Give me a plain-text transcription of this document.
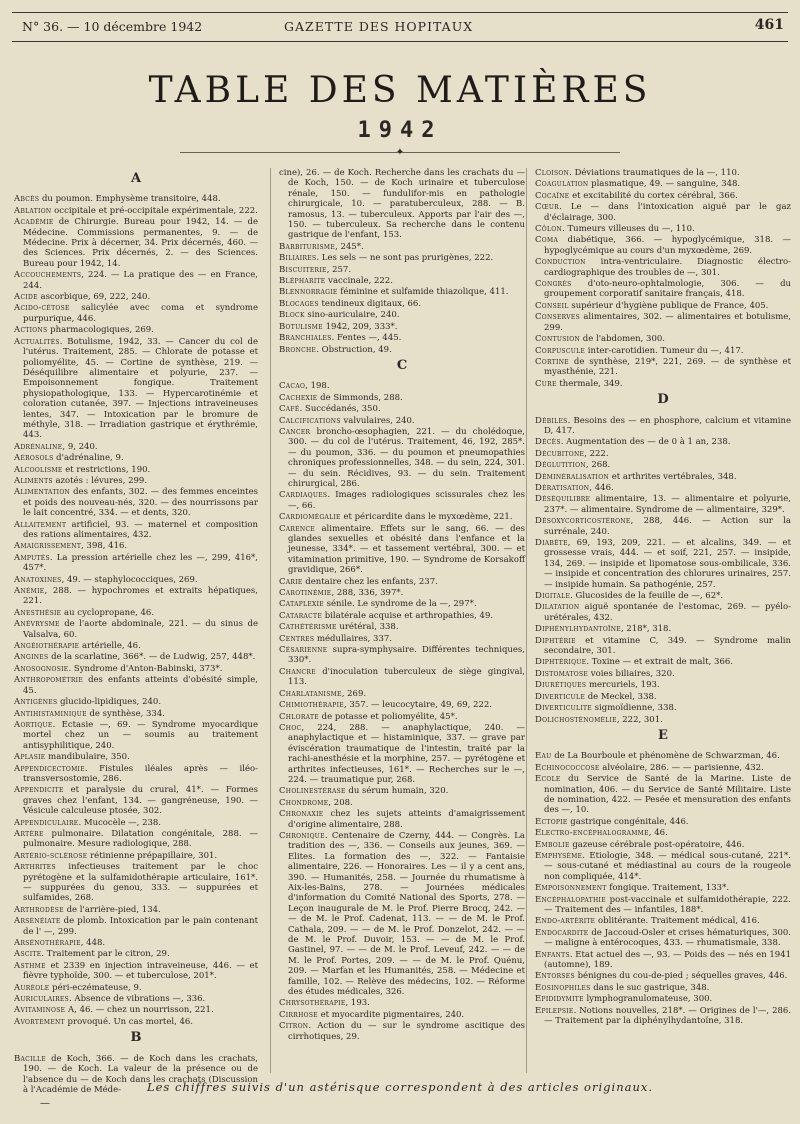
N° 36. — 10 décembre 1942	GAZETTE DES HOPITAUX	461
TABLE DES MATIÈRES
1942
✦
A
Abcès du poumon. Emphysème transitoire, 448.
Ablation occipitale et pré-occipitale expérimentale, 222.
Académie de Chirurgie. Bureau pour 1942, 14. — de Médecine. Commissions permanentes, 9. — de Médecine. Prix à décerner, 34. Prix décernés, 460. — des Sciences. Prix décernés, 2. — des Sciences. Bureau pour 1942, 14.
Accouchements, 224. — La pratique des — en France, 244.
Acide ascorbique, 69, 222, 240.
Acido-cétose salicylée avec coma et syndrome purpurique, 446.
Actions pharmacologiques, 269.
Actualités. Botulisme, 1942, 33. — Cancer du col de l'utérus. Traitement, 285. — Chlorate de potasse et poliomyélite, 45. — Cortine de synthèse, 219. — Déséquilibre alimentaire et polyurie, 237. — Empoisonnement fongique. Traitement physiopathologique, 133. — Hypercarotinémie et coloration cutanée, 397. — Injections intraveineuses lentes, 347. — Intoxication par le bromure de méthyle, 318. — Irradiation gastrique et érythrémie, 443.
Adrénaline, 9, 240.
Aérosols d'adrénaline, 9.
Alcoolisme et restrictions, 190.
Aliments azotés : lévures, 299.
Alimentation des enfants, 302. — des femmes enceintes et poids des nouveau-nés, 320. — des nourrissons par le lait concentré, 334. — et dents, 320.
Allaitement artificiel, 93. — maternel et composition des rations alimentaires, 432.
Amaigrissement, 398, 416.
Amputés. La pression artérielle chez les —, 299, 416*, 457*.
Anatoxines, 49. — staphylococciques, 269.
Anémie, 288. — hypochromes et extraits hépatiques, 221.
Anesthésie au cyclopropane, 46.
Anévrysme de l'aorte abdominale, 221. — du sinus de Valsalva, 60.
Angéiothérapie artérielle, 46.
Angines de la scarlatine, 366*. — de Ludwig, 257, 448*.
Anosognosie. Syndrome d'Anton-Babinski, 373*.
Anthropométrie des enfants atteints d'obésité simple, 45.
Antigènes glucido-lipidiques, 240.
Antihistaminique de synthèse, 334.
Aortique. Ectasie —, 69. — Syndrome myocardique mortel chez un — soumis au traitement antisyphilitique, 240.
Aplasie mandibulaire, 350.
Appendicectomie. Fistules iléales après — iléo-transversostomie, 286.
Appendicite et paralysie du crural, 41*. — Formes graves chez l'enfant, 134. — gangréneuse, 190. — Vésicule calculeuse ptosée, 302.
Appendiculaire. Mucocèle —, 238.
Artère pulmonaire. Dilatation congénitale, 288. — pulmonaire. Mesure radiologique, 288.
Artério-sclérose rétinienne prépapillaire, 301.
Arthrites infectieuses traitement par le choc pyrétogène et la sulfamidothérapie articulaire, 161*. — suppurées du genou, 333. — suppurées et sulfamides, 268.
Arthrodèse de l'arrière-pied, 134.
Arsénéiate de plomb. Intoxication par le pain contenant de l' —, 299.
Arsénothérapie, 448.
Ascite. Traitement par le citron, 29.
Asthme et 2339 en injection intraveineuse, 446. — et fièvre typhoïde, 300. — et tuberculose, 201*.
Auréole péri-eczémateuse, 9.
Auriculaires. Absence de vibrations —, 336.
Avitaminose A, 46. — chez un nourrisson, 221.
Avortement provoqué. Un cas mortel, 46.
B
Bacille de Koch, 366. — de Koch dans les crachats, 190. — de Koch. La valeur de la présence ou de l'absence du — de Koch dans les crachats (Discussion à l'Académie de Méde-
cine), 26. — de Koch. Recherche dans les crachats du — de Koch, 150. — de Koch urinaire et tuberculose rénale, 150. — fundulifor-mis en pathologie chirurgicale, 10. — paratuberculeux, 288. — B. ramosus, 13. — tuberculeux. Apports par l'air des —, 150. — tuberculeux. Sa recherche dans le contenu gastrique de l'enfant, 153.
Barbiturisme, 245*.
Biliaires. Les sels — ne sont pas prurigènes, 222.
Biscuiterie, 257.
Blépharite vaccinale, 222.
Blennorragie féminine et sulfamide thiazolique, 411.
Blocages tendineux digitaux, 66.
Block sino-auriculaire, 240.
Botulisme 1942, 209, 333*.
Branchiales. Fentes —, 445.
Bronche. Obstruction, 49.
C
Cacao, 198.
Cachexie de Simmonds, 288.
Café. Succédanés, 350.
Calcifications valvulaires, 240.
Cancer broncho-œsophagien, 221. — du cholédoque, 300. — du col de l'utérus. Traitement, 46, 192, 285*. — du poumon, 336. — du poumon et pneumopathies chroniques professionnelles, 348. — du sein, 224, 301. — du sein. Récidives, 93. — du sein. Traitement chirurgical, 286.
Cardiaques. Images radiologiques scissurales chez les —, 66.
Cardiomégalie et péricardite dans le myxœdème, 221.
Carence alimentaire. Effets sur le sang, 66. — des glandes sexuelles et obésité dans l'enfance et la jeunesse, 334*. — et tassement vertébral, 300. — et vitamination primitive, 190. — Syndrome de Korsakoff gravidique, 266*.
Carie dentaire chez les enfants, 237.
Carotinémie, 288, 336, 397*.
Cataplexie sénile. Le syndrome de la —, 297*.
Cataracte bilatérale acquise et arthropathies, 49.
Cathétérisme urétéral, 338.
Centres médullaires, 337.
Césarienne supra-symphysaire. Différentes techniques, 330*.
Chancre d'inoculation tuberculeux de siège gingival, 113.
Charlatanisme, 269.
Chimiothérapie, 357. — leucocytaire, 49, 69, 222.
Chlorate de potasse et poliomyélite, 45*.
Choc, 224, 288. — anaphylactique, 240. — anaphylactique et — histaminique, 337. — grave par éviscération traumatique de l'intestin, traité par la rachi-anesthésie et la morphine, 257. — pyrétogène et arthrites infectieuses, 161*. — Recherches sur le —, 224. — traumatique pur, 268.
Cholinestérase du sérum humain, 320.
Chondrome, 208.
Chronaxie chez les sujets atteints d'amaigrissement d'origine alimentaire, 288.
Chronique. Centenaire de Czerny, 444. — Congrès. La tradition des —, 336. — Conseils aux jeunes, 369. — Elites. La formation des —, 322. — Fantaisie alimentaire, 226. — Honoraires. Les — il y a cent ans, 390. — Humanités, 258. — Journée du rhumatisme à Aix-les-Bains, 278. — Journées médicales d'information du Comité National des Sports, 278. — Leçon inaugurale de M. le Prof. Pierre Brocq, 242. — — de M. le Prof. Cadenat, 113. — — de M. le Prof. Cathala, 209. — — de M. le Prof. Donzelot, 242. — — de M. le Prof. Duvoir, 153. — — de M. le Prof. Gastinel, 97. — — de M. le Prof. Leveuf, 242. — — de M. le Prof. Portes, 209. — — de M. le Prof. Quénu, 209. — Marfan et les Humanités, 258. — Médecine et famille, 102. — Relève des médecins, 102. — Réforme des études médicales, 326.
Chrysothérapie, 193.
Cirrhose et myocardite pigmentaires, 240.
Citron. Action du — sur le syndrome ascitique des cirrhotiques, 29.
Cloison. Déviations traumatiques de la —, 110.
Coagulation plasmatique, 49. — sanguine, 348.
Cocaïne et excitabilité du cortex cérébral, 366.
Cœur. Le — dans l'intoxication aiguë par le gaz d'éclairage, 300.
Côlon. Tumeurs villeuses du —, 110.
Coma diabétique, 366. — hypoglycémique, 318. — hypoglycémique au cours d'un myxœdème, 269.
Conduction intra-ventriculaire. Diagnostic électro-cardiographique des troubles de —, 301.
Congrès d'oto-neuro-ophtalmologie, 306. — du groupement corporatif sanitaire français, 418.
Conseil supérieur d'hygiène publique de France, 405.
Conserves alimentaires, 302. — alimentaires et botulisme, 299.
Contusion de l'abdomen, 300.
Corpuscule inter-carotidien. Tumeur du —, 417.
Cortine de synthèse, 219*, 221, 269. — de synthèse et myasthénie, 221.
Cure thermale, 349.
D
Débiles. Besoins des — en phosphore, calcium et vitamine D, 417.
Décès. Augmentation des — de 0 à 1 an, 238.
Décubitone, 222.
Déglutition, 268.
Déminéralisation et arthrites vertébrales, 348.
Dératisation, 446.
Déséquilibre alimentaire, 13. — alimentaire et polyurie, 237*. — alimentaire. Syndrome de — alimentaire, 329*.
Désoxycorticostérone, 288, 446. — Action sur la surrénale, 240.
Diabète, 69, 193, 209, 221. — et alcalins, 349. — et grossesse vrais, 444. — et soif, 221, 257. — insipide, 134, 269. — insipide et lipomatose sous-ombilicale, 336. — insipide et concentration des chlorures urinaires, 257. — insipide humain. Sa pathogénie, 257.
Digitale. Glucosides de la feuille de —, 62*.
Dilatation aiguë spontanée de l'estomac, 269. — pyélo-urétérales, 432.
Diphénylhydantoïne, 218*, 318.
Diphtérie et vitamine C, 349. — Syndrome malin secondaire, 301.
Diphtérique. Toxine — et extrait de malt, 366.
Distomatose voies biliaires, 320.
Diurétiques mercuriels, 193.
Diverticule de Meckel, 338.
Diverticulite sigmoïdienne, 338.
Dolichosténomélie, 222, 301.
E
Eau de La Bourboule et phénomène de Schwarzman, 46.
Echinococcose alvéolaire, 286. — — parisienne, 432.
Ecole du Service de Santé de la Marine. Liste de nomination, 406. — du Service de Santé Militaire. Liste de nomination, 422. — Pesée et mensuration des enfants des —, 10.
Ectopie gastrique congénitale, 446.
Electro-encéphalogramme, 46.
Embolie gazeuse cérébrale post-opératoire, 446.
Emphysème. Etiologie, 348. — médical sous-cutané, 221*. — sous-cutané et médiastinal au cours de la rougeole non compliquée, 414*.
Empoisonnement fongique. Traitement, 133*.
Encéphalopathie post-vaccinale et sulfamidothérapie, 222. — Traitement des — infantiles, 188*.
Endo-artérite oblitérante. Traitement médical, 416.
Endocardite de Jaccoud-Osler et crises hématuriques, 300. — maligne à entérocoques, 433. — rhumatismale, 338.
Enfants. Etat actuel des —, 93. — Poids des — nés en 1941 (automne), 189.
Entorses bénignes du cou-de-pied ; séquelles graves, 446.
Eosinophiles dans le suc gastrique, 348.
Epididymite lymphogranulomateuse, 300.
Epilepsie. Notions nouvelles, 218*. — Origines de l'—, 286. — Traitement par la diphénylhydantoïne, 318.
Les chiffres suivis d'un astérisque correspondent à des articles originaux.
—
